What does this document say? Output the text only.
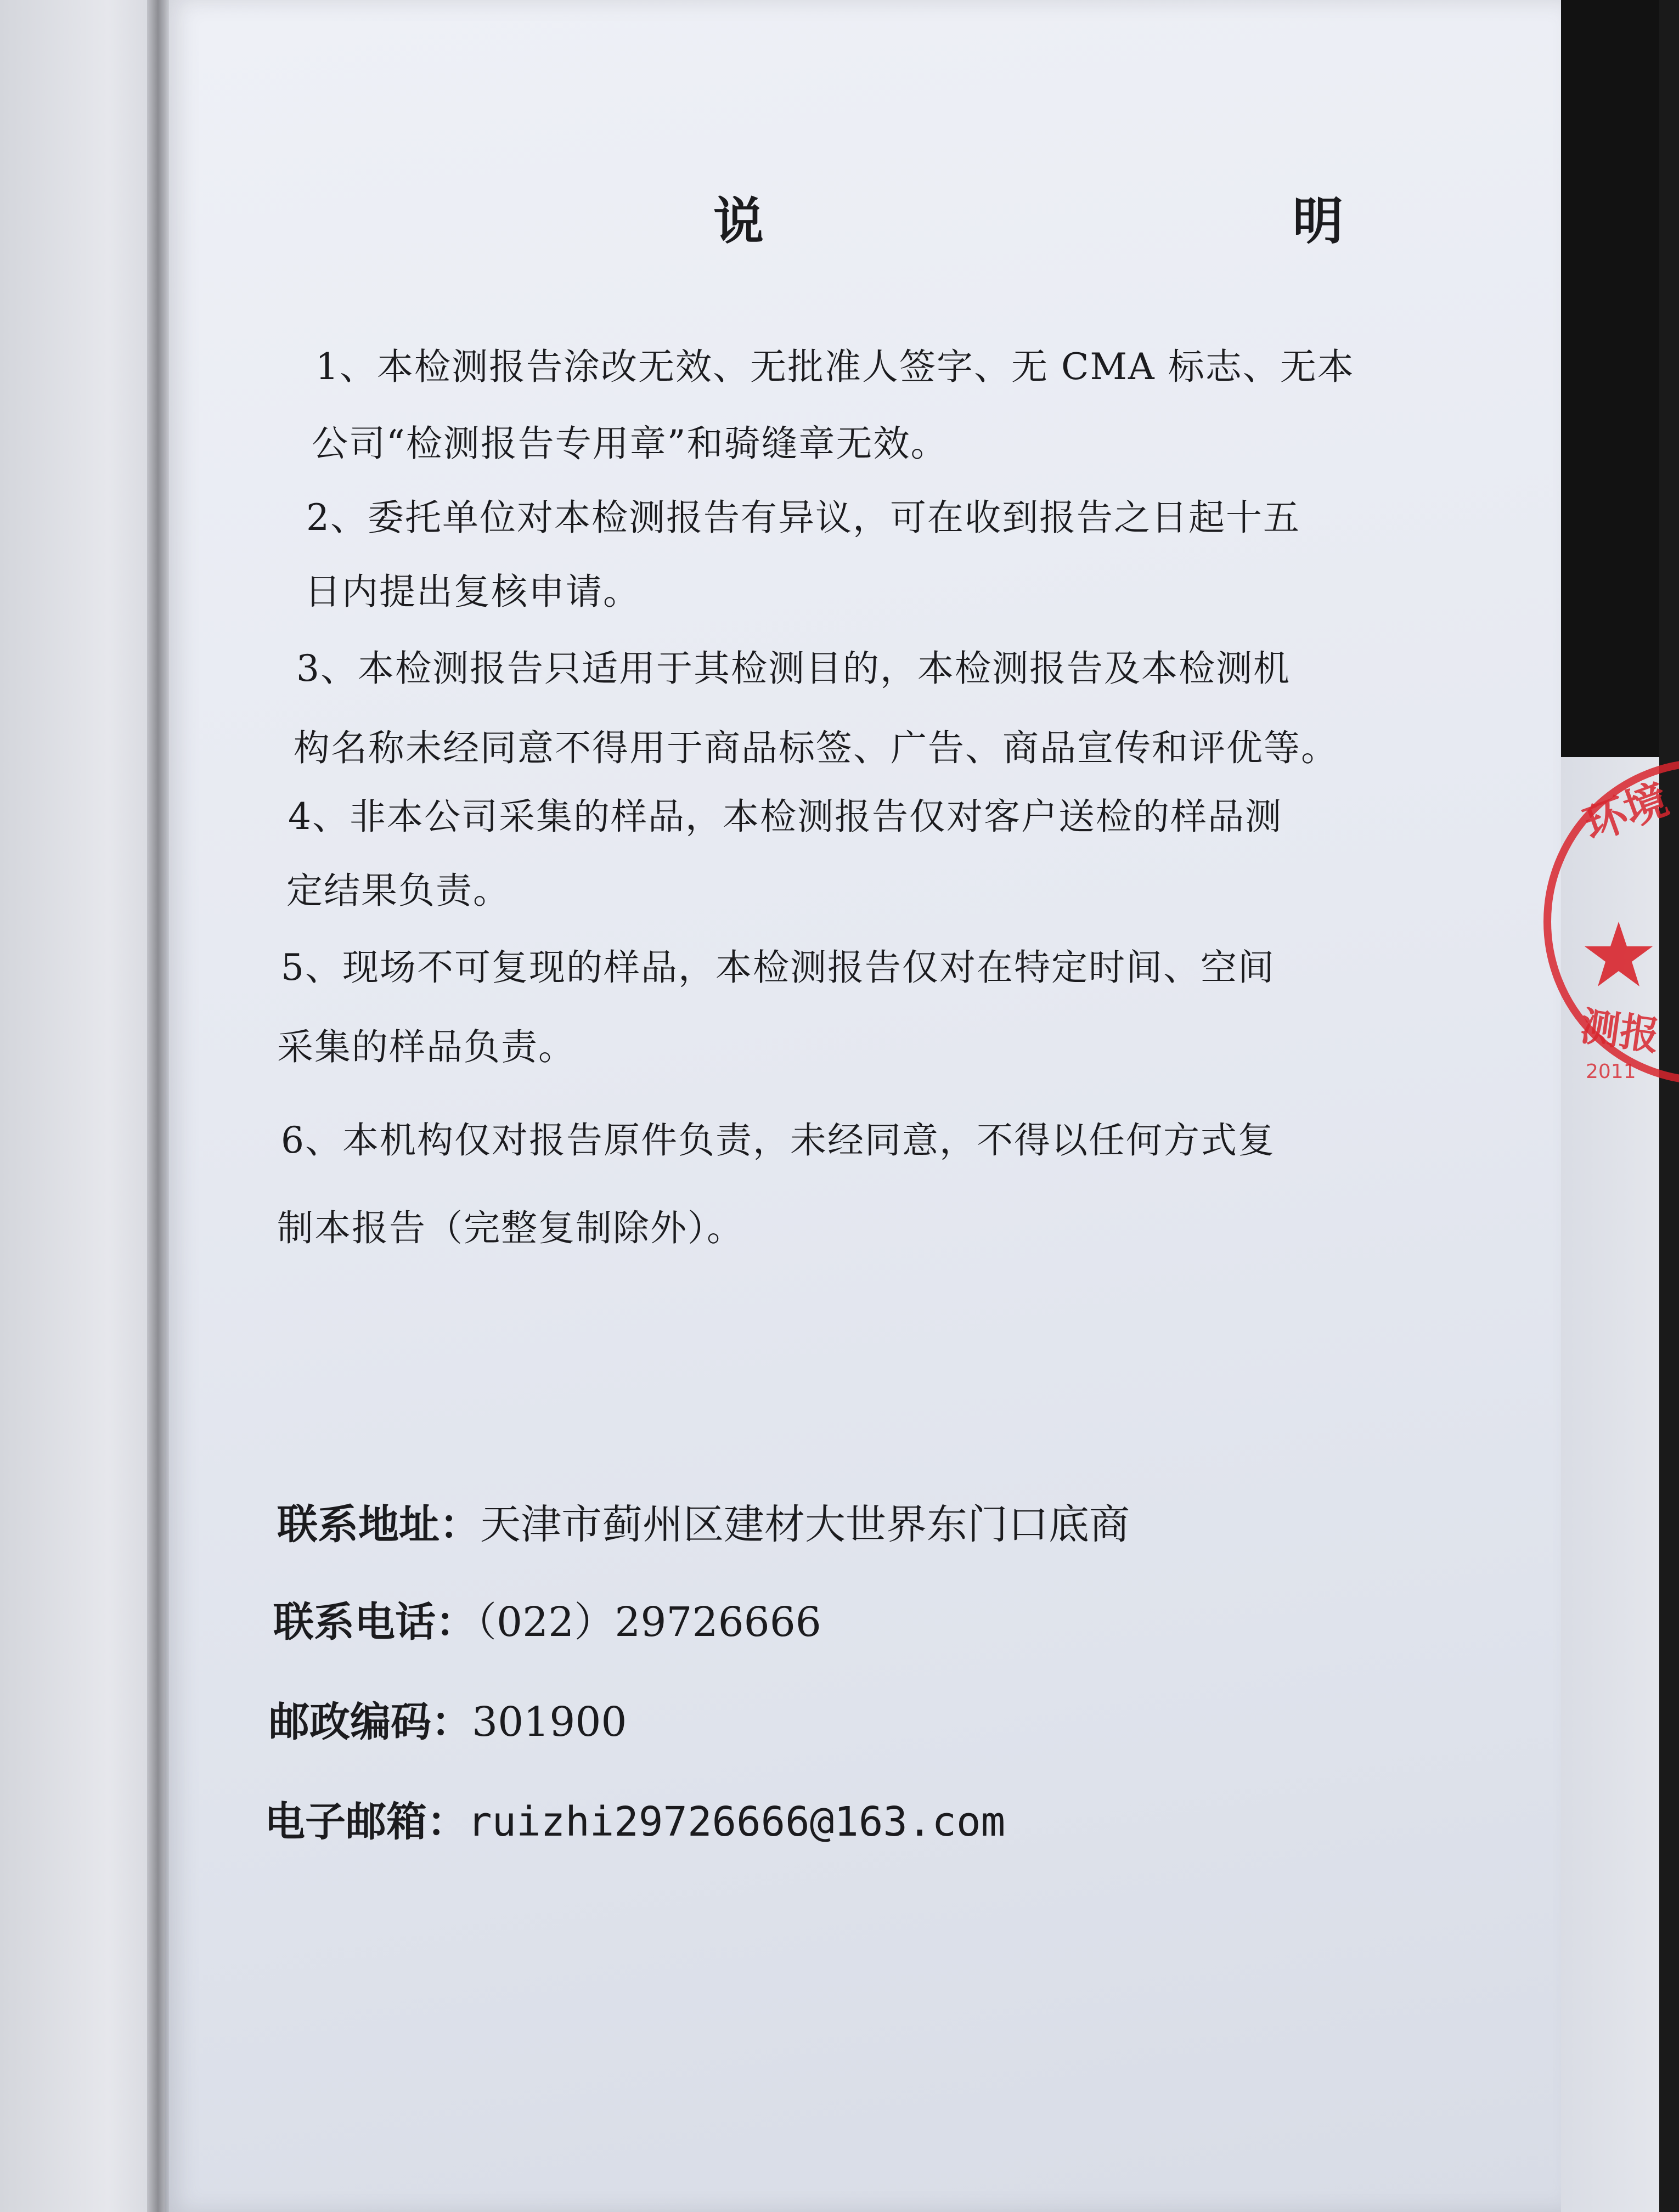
说　　明
1、本检测报告涂改无效、无批准人签字、无 CMA 标志、无本
公司“检测报告专用章”和骑缝章无效。
2、委托单位对本检测报告有异议，可在收到报告之日起十五
日内提出复核申请。
3、本检测报告只适用于其检测目的，本检测报告及本检测机
构名称未经同意不得用于商品标签、广告、商品宣传和评优等。
4、非本公司采集的样品，本检测报告仅对客户送检的样品测
定结果负责。
5、现场不可复现的样品，本检测报告仅对在特定时间、空间
采集的样品负责。
6、本机构仅对报告原件负责，未经同意，不得以任何方式复
制本报告（完整复制除外）。
联系地址：天津市蓟州区建材大世界东门口底商
联系电话：（022）29726666
邮政编码：301900
电子邮箱：ruizhi29726666@163.com
环境
测报
2011
